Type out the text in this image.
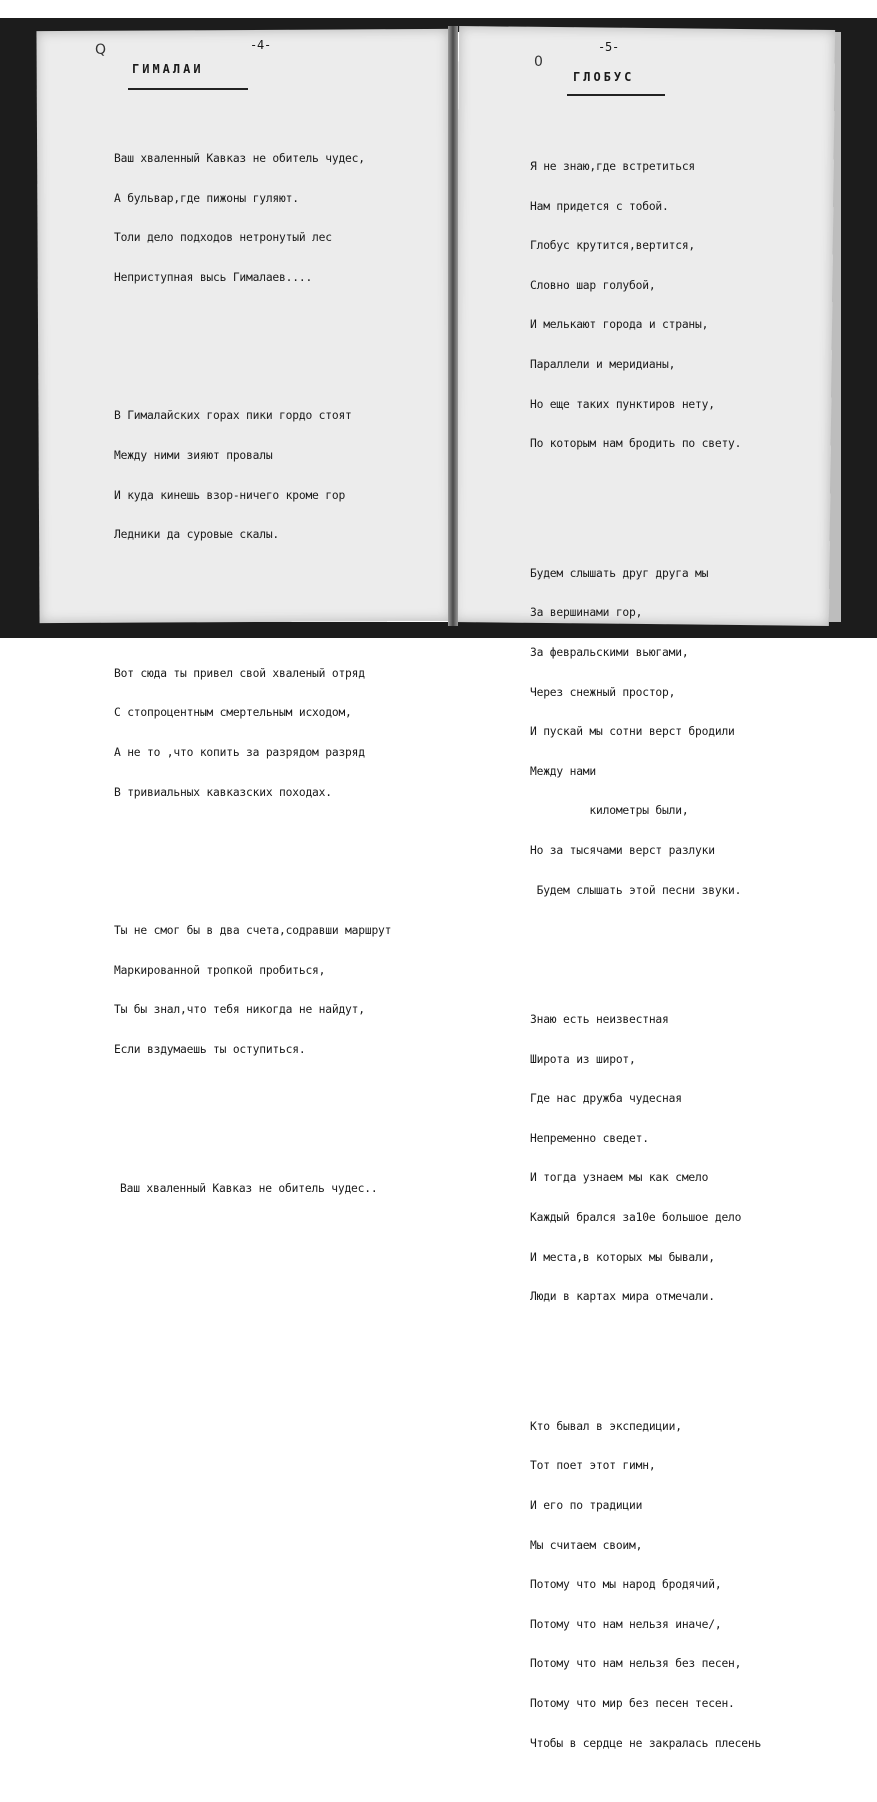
Q	-4-
ГИМАЛАИ

Ваш хваленный Кавказ не обитель чудес,

А бульвар,где пижоны гуляют.

Толи дело подходов нетронутый лес

Неприступная высь Гималаев....

В Гималайских горах пики гордо стоят

Между ними зияют провалы

И куда кинешь взор-ничего кроме гор

Ледники да суровые скалы.

Вот сюда ты привел свой хваленый отряд

С стопроцентным смертельным исходом,

А не то ,что копить за разрядом разряд

В тривиальных кавказских походах.

Ты не смог бы в два счета,содравши маршрут

Маркированной тропкой пробиться,

Ты бы знал,что тебя никогда не найдут,

Если вздумаешь ты оступиться.

Ваш хваленный Кавказ не обитель чудес..

0
-5-
ГЛОБУС

Я не знаю,где встретиться

Нам придется с тобой.

Глобус крутится,вертится,

Словно шар голубой,

И мелькают города и страны,

Параллели и меридианы,

Но еще таких пунктиров нету,

По которым нам бродить по свету.

Будем слышать друг друга мы

За вершинами гор,

За февральскими вьюгами,

Через снежный простор,

И пускай мы сотни верст бродили

Между нами

километры были,

Но за тысячами верст разлуки

Будем слышать этой песни звуки.

Знаю есть неизвестная

Широта из широт,

Где нас дружба чудесная

Непременно сведет.

И тогда узнаем мы как смело

Каждый брался за10е большое дело

И места,в которых мы бывали,

Люди в картах мира отмечали.

Кто бывал в экспедиции,

Тот поет этот гимн,

И его по традиции

Мы считаем своим,

Потому что мы народ бродячий,

Потому что нам нельзя иначе/,

Потому что нам нельзя без песен,

Потому что мир без песен тесен.

Чтобы в сердце не закралась плесень
